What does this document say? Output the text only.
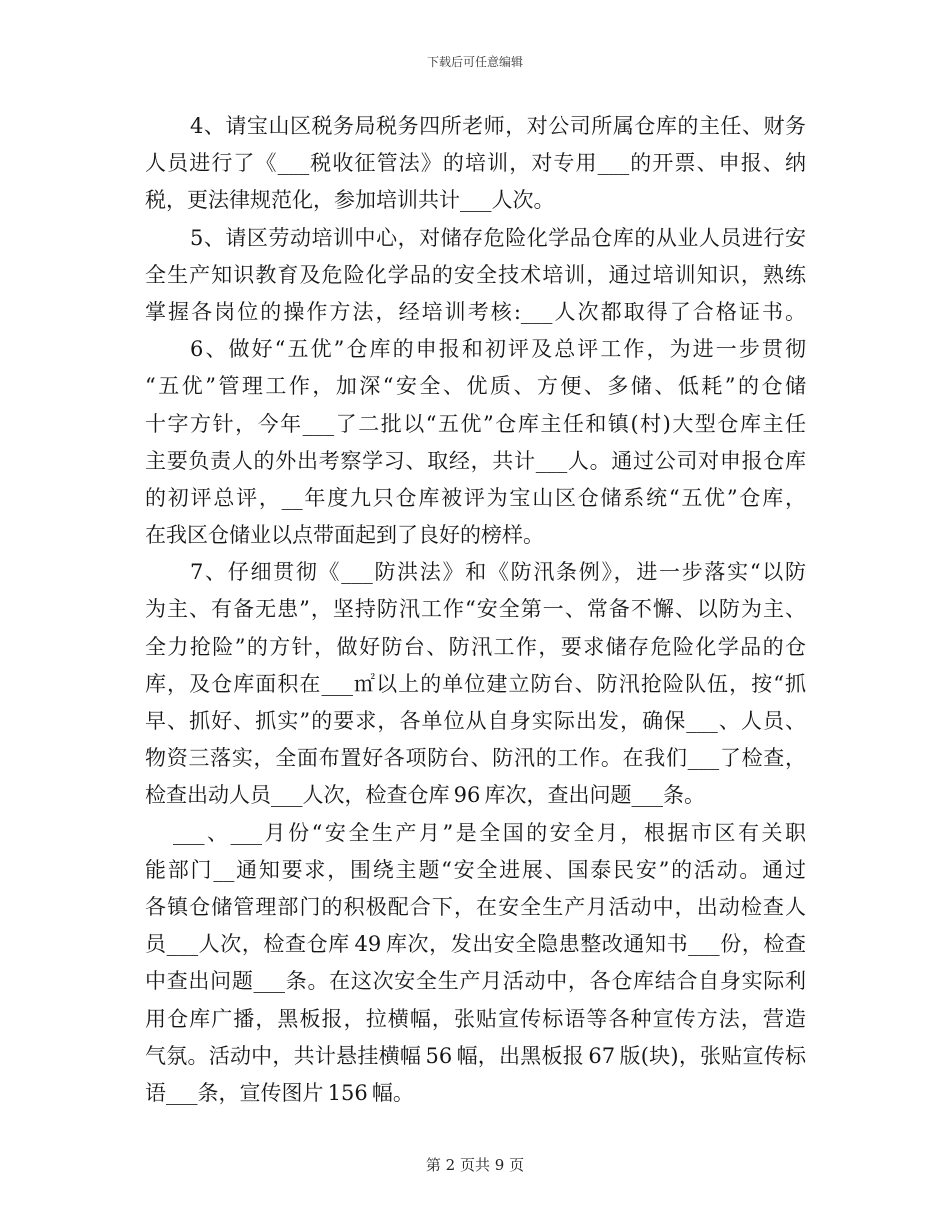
下载后可任意编辑
4、请宝山区税务局税务四所老师，对公司所属仓库的主任、财务
人员进行了《___税收征管法》的培训，对专用___的开票、申报、纳
税，更法律规范化，参加培训共计___人次。
5、请区劳动培训中心，对储存危险化学品仓库的从业人员进行安
全生产知识教育及危险化学品的安全技术培训，通过培训知识，熟练
掌握各岗位的操作方法，经培训考核:___人次都取得了合格证书。
6、做好“五优”仓库的申报和初评及总评工作，为进一步贯彻
“五优”管理工作，加深“安全、优质、方便、多储、低耗”的仓储
十字方针，今年___了二批以“五优”仓库主任和镇(村)大型仓库主任
主要负责人的外出考察学习、取经，共计___人。通过公司对申报仓库
的初评总评，__年度九只仓库被评为宝山区仓储系统“五优”仓库，
在我区仓储业以点带面起到了良好的榜样。
7、仔细贯彻《___防洪法》和《防汛条例》，进一步落实“以防
为主、有备无患”，坚持防汛工作“安全第一、常备不懈、以防为主、
全力抢险”的方针，做好防台、防汛工作，要求储存危险化学品的仓
库，及仓库面积在___㎡以上的单位建立防台、防汛抢险队伍，按“抓
早、抓好、抓实”的要求，各单位从自身实际出发，确保___、人员、
物资三落实，全面布置好各项防台、防汛的工作。在我们___了检查，
检查出动人员___人次，检查仓库 96 库次，查出问题___条。
___、___月份“安全生产月”是全国的安全月，根据市区有关职
能部门__通知要求，围绕主题“安全进展、国泰民安”的活动。通过
各镇仓储管理部门的积极配合下，在安全生产月活动中，出动检查人
员___人次，检查仓库 49 库次，发出安全隐患整改通知书___份，检查
中查出问题___条。在这次安全生产月活动中，各仓库结合自身实际利
用仓库广播，黑板报，拉横幅，张贴宣传标语等各种宣传方法，营造
气氛。活动中，共计悬挂横幅 56 幅，出黑板报 67 版(块)，张贴宣传标
语___条，宣传图片 156 幅。
第 2 页共 9 页
